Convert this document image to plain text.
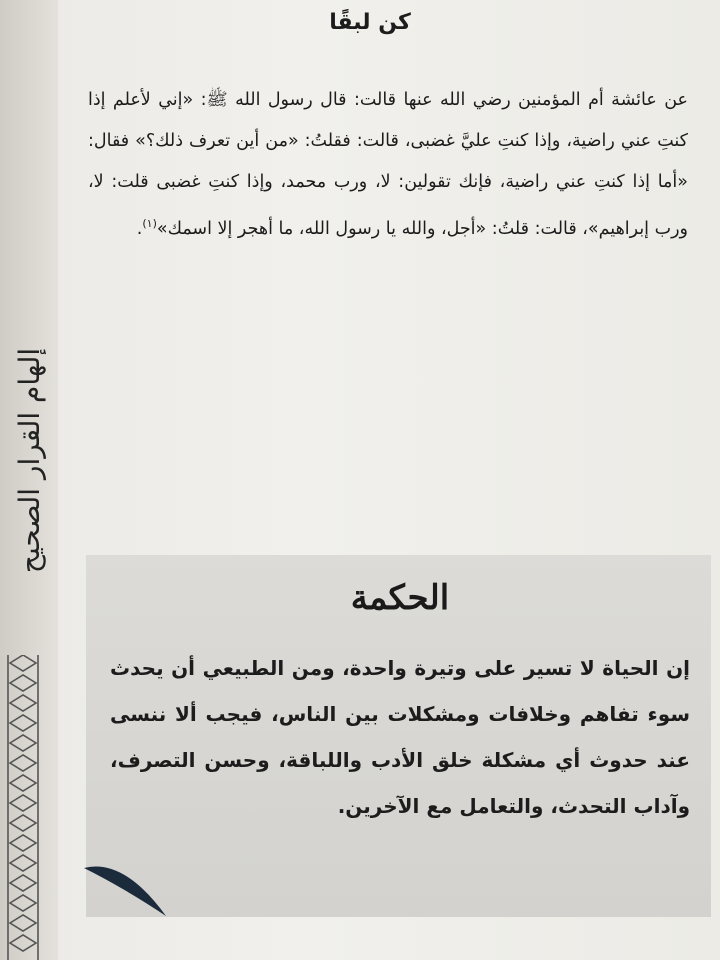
إلهام القرار الصحيح
كن لبقًا
عن عائشة أم المؤمنين رضي الله عنها قالت: قال رسول الله ﷺ: «إني لأعلم إذا كنتِ عني راضية، وإذا كنتِ عليَّ غضبى، قالت: فقلتُ: «من أين تعرف ذلك؟» فقال: «أما إذا كنتِ عني راضية، فإنك تقولين: لا، ورب محمد، وإذا كنتِ غضبى قلت: لا، ورب إبراهيم»، قالت: قلتُ: «أجل، والله يا رسول الله، ما أهجر إلا اسمك»$^{(١)}$.
الحكمة
إن الحياة لا تسير على وتيرة واحدة، ومن الطبيعي أن يحدث سوء تفاهم وخلافات ومشكلات بين الناس، فيجب ألا ننسى عند حدوث أي مشكلة خلق الأدب واللباقة، وحسن التصرف، وآداب التحدث، والتعامل مع الآخرين.
